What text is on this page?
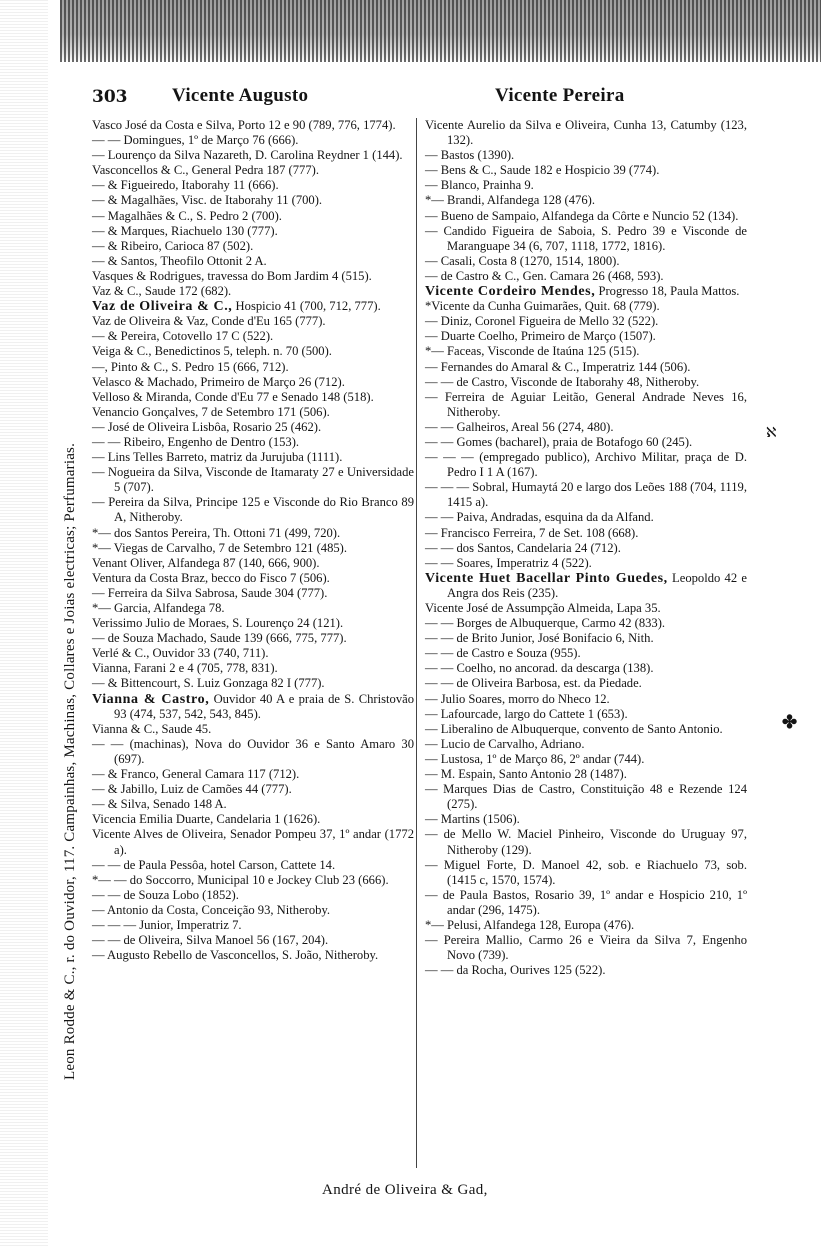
303 Vicente Augusto	Vicente Pereira
Leon Rodde & C., r. do Ouvidor, 117. Campainhas, Machinas, Collares e Joias electricas; Perfumarias.

Vasco José da Costa e Silva, Porto 12 e 90 (789, 776, 1774).

— — Domingues, 1º de Março 76 (666).

— Lourenço da Silva Nazareth, D. Carolina Reydner 1 (144).

Vasconcellos & C., General Pedra 187 (777).

— & Figueiredo, Itaborahy 11 (666).

— & Magalhães, Visc. de Itaborahy 11 (700).

— Magalhães & C., S. Pedro 2 (700).

— & Marques, Riachuelo 130 (777).

— & Ribeiro, Carioca 87 (502).

— & Santos, Theofilo Ottonit 2 A.

Vasques & Rodrigues, travessa do Bom Jardim 4 (515).

Vaz & C., Saude 172 (682).

Vaz de Oliveira & C., Hospicio 41 (700, 712, 777).

Vaz de Oliveira & Vaz, Conde d'Eu 165 (777).

— & Pereira, Cotovello 17 C (522).

Veiga & C., Benedictinos 5, teleph. n. 70 (500).

—, Pinto & C., S. Pedro 15 (666, 712).

Velasco & Machado, Primeiro de Março 26 (712).

Velloso & Miranda, Conde d'Eu 77 e Senado 148 (518).

Venancio Gonçalves, 7 de Setembro 171 (506).

— José de Oliveira Lisbôa, Rosario 25 (462).

— — Ribeiro, Engenho de Dentro (153).

— Lins Telles Barreto, matriz da Jurujuba (1111).

— Nogueira da Silva, Visconde de Itamaraty 27 e Universidade 5 (707).

— Pereira da Silva, Principe 125 e Visconde do Rio Branco 89 A, Nitheroby.

*— dos Santos Pereira, Th. Ottoni 71 (499, 720).

*— Viegas de Carvalho, 7 de Setembro 121 (485).

Venant Oliver, Alfandega 87 (140, 666, 900).

Ventura da Costa Braz, becco do Fisco 7 (506).

— Ferreira da Silva Sabrosa, Saude 304 (777).

*— Garcia, Alfandega 78.

Verissimo Julio de Moraes, S. Lourenço 24 (121).

— de Souza Machado, Saude 139 (666, 775, 777).

Verlé & C., Ouvidor 33 (740, 711).

Vianna, Farani 2 e 4 (705, 778, 831).

— & Bittencourt, S. Luiz Gonzaga 82 I (777).

Vianna & Castro, Ouvidor 40 A e praia de S. Christovão 93 (474, 537, 542, 543, 845).

Vianna & C., Saude 45.

— — (machinas), Nova do Ouvidor 36 e Santo Amaro 30 (697).

— & Franco, General Camara 117 (712).

— & Jabillo, Luiz de Camões 44 (777).

— & Silva, Senado 148 A.

Vicencia Emilia Duarte, Candelaria 1 (1626).

Vicente Alves de Oliveira, Senador Pompeu 37, 1º andar (1772 a).

— — de Paula Pessôa, hotel Carson, Cattete 14.

*— — do Soccorro, Municipal 10 e Jockey Club 23 (666).

— — de Souza Lobo (1852).

— Antonio da Costa, Conceição 93, Nitheroby.

— — — Junior, Imperatriz 7.

— — de Oliveira, Silva Manoel 56 (167, 204).

— Augusto Rebello de Vasconcellos, S. João, Nitheroby.

Vicente Aurelio da Silva e Oliveira, Cunha 13, Catumby (123, 132).

— Bastos (1390).

— Bens & C., Saude 182 e Hospicio 39 (774).

— Blanco, Prainha 9.

*— Brandi, Alfandega 128 (476).

— Bueno de Sampaio, Alfandega da Côrte e Nuncio 52 (134).

— Candido Figueira de Saboia, S. Pedro 39 e Visconde de Maranguape 34 (6, 707, 1118, 1772, 1816).

— Casali, Costa 8 (1270, 1514, 1800).

— de Castro & C., Gen. Camara 26 (468, 593).

Vicente Cordeiro Mendes, Progresso 18, Paula Mattos.

*Vicente da Cunha Guimarães, Quit. 68 (779).

— Diniz, Coronel Figueira de Mello 32 (522).

— Duarte Coelho, Primeiro de Março (1507).

*— Faceas, Visconde de Itaúna 125 (515).

— Fernandes do Amaral & C., Imperatriz 144 (506).

— — de Castro, Visconde de Itaborahy 48, Nitheroby.

— Ferreira de Aguiar Leitão, General Andrade Neves 16, Nitheroby.

— — Galheiros, Areal 56 (274, 480).

— — Gomes (bacharel), praia de Botafogo 60 (245).

— — — (empregado publico), Archivo Militar, praça de D. Pedro I 1 A (167).

— — — Sobral, Humaytá 20 e largo dos Leões 188 (704, 1119, 1415 a).

— — Paiva, Andradas, esquina da da Alfand.

— Francisco Ferreira, 7 de Set. 108 (668).

— — dos Santos, Candelaria 24 (712).

— — Soares, Imperatriz 4 (522).

Vicente Huet Bacellar Pinto Guedes, Leopoldo 42 e Angra dos Reis (235).

Vicente José de Assumpção Almeida, Lapa 35.

— — Borges de Albuquerque, Carmo 42 (833).

— — de Brito Junior, José Bonifacio 6, Nith.

— — de Castro e Souza (955).

— — Coelho, no ancorad. da descarga (138).

— — de Oliveira Barbosa, est. da Piedade.

— Julio Soares, morro do Nheco 12.

— Lafourcade, largo do Cattete 1 (653).

— Liberalino de Albuquerque, convento de Santo Antonio.

— Lucio de Carvalho, Adriano.

— Lustosa, 1º de Março 86, 2º andar (744).

— M. Espain, Santo Antonio 28 (1487).

— Marques Dias de Castro, Constituição 48 e Rezende 124 (275).

— Martins (1506).

— de Mello W. Maciel Pinheiro, Visconde do Uruguay 97, Nitheroby (129).

— Miguel Forte, D. Manoel 42, sob. e Riachuelo 73, sob. (1415 c, 1570, 1574).

— de Paula Bastos, Rosario 39, 1º andar e Hospicio 210, 1º andar (296, 1475).

*— Pelusi, Alfandega 128, Europa (476).

— Pereira Mallio, Carmo 26 e Vieira da Silva 7, Engenho Novo (739).

— — da Rocha, Ourives 125 (522).

ℵ
✤
André de Oliveira & Gad,
